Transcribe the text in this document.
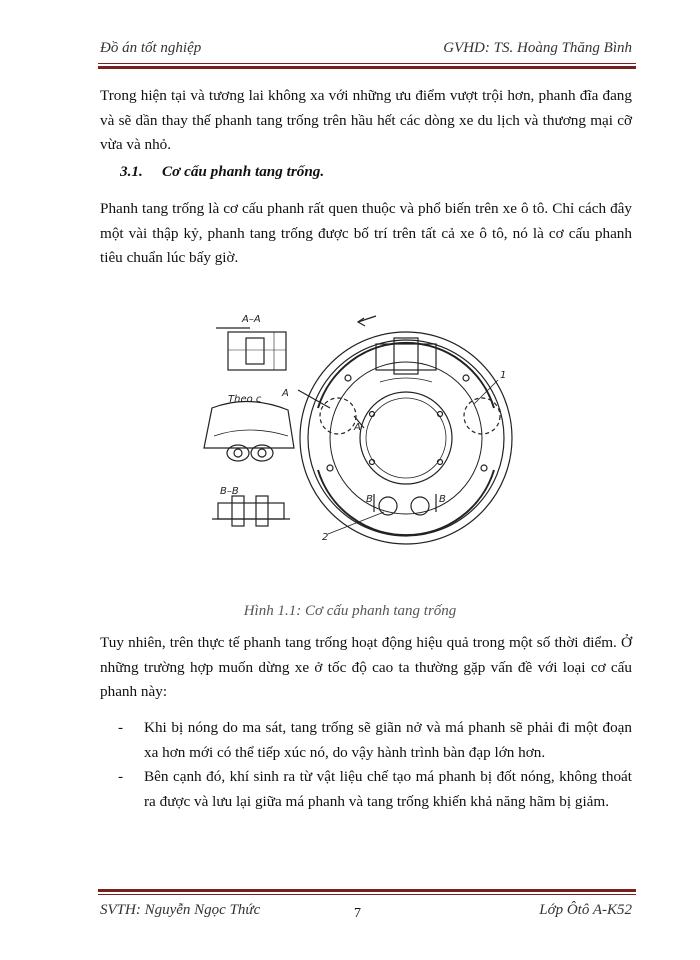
Đồ án tốt nghiệp	GVHD: TS. Hoàng Thăng Bình
Trong hiện tại và tương lai không xa với những ưu điểm vượt trội hơn, phanh đĩa đang và sẽ dần thay thế phanh tang trống trên hầu hết các dòng xe du lịch và thương mại cỡ vừa và nhỏ.
3.1. Cơ cấu phanh tang trống.
Phanh tang trống là cơ cấu phanh rất quen thuộc và phổ biến trên xe ô tô. Chỉ cách đây một vài thập kỷ, phanh tang trống được bố trí trên tất cả xe ô tô, nó là cơ cấu phanh tiêu chuẩn lúc bấy giờ.
A–A
Theo c
B–B
A
A
B	B
1
2
Hình 1.1: Cơ cấu phanh tang trống
Tuy nhiên, trên thực tế phanh tang trống hoạt động hiệu quả trong một số thời điểm. Ở những trường hợp muốn dừng xe ở tốc độ cao ta thường gặp vấn đề với loại cơ cấu phanh này:
- Khi bị nóng do ma sát, tang trống sẽ giãn nở và má phanh sẽ phải đi một đoạn xa hơn mới có thể tiếp xúc nó, do vậy hành trình bàn đạp lớn hơn.
- Bên cạnh đó, khí sinh ra từ vật liệu chế tạo má phanh bị đốt nóng, không thoát ra được và lưu lại giữa má phanh và tang trống khiến khả năng hãm bị giảm.
SVTH: Nguyễn Ngọc Thức	7	Lớp Ôtô A-K52
